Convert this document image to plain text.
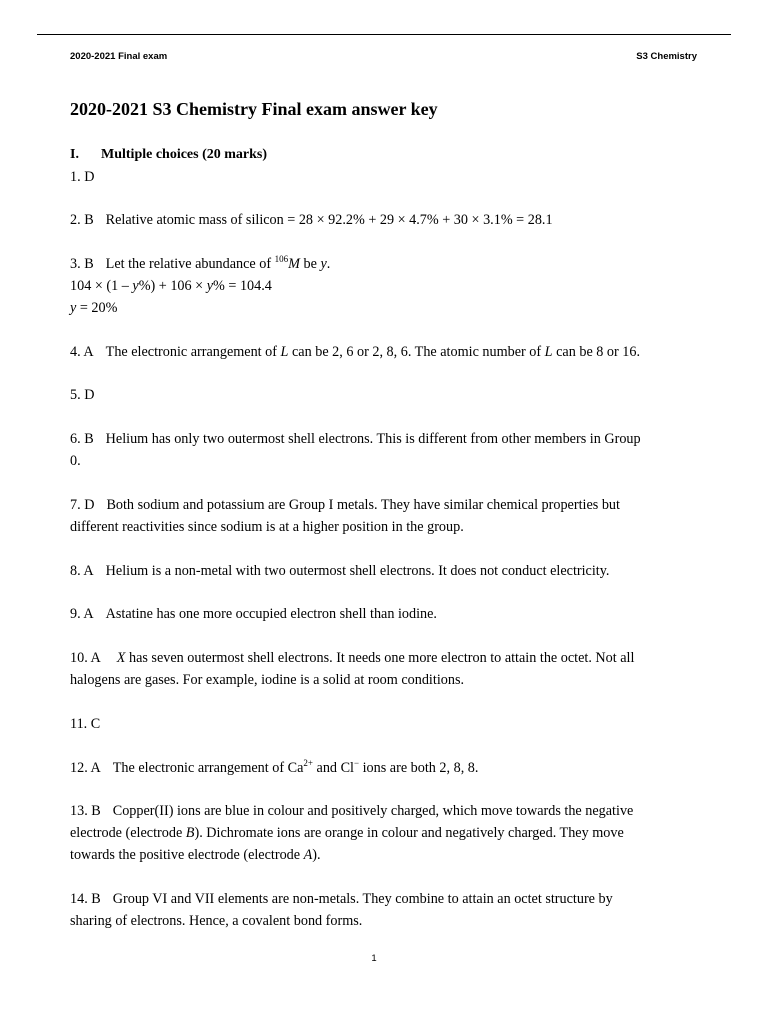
2020-2021 Final exam	S3 Chemistry
2020-2021 S3 Chemistry Final exam answer key
I. Multiple choices (20 marks)
1. D
2. B Relative atomic mass of silicon = 28 × 92.2% + 29 × 4.7% + 30 × 3.1% = 28.1
3. B Let the relative abundance of $^{106}$M be y.
104 × (1 – y%) + 106 × y% = 104.4
y = 20%
4. A The electronic arrangement of L can be 2, 6 or 2, 8, 6. The atomic number of L can be 8 or 16.
5. D
6. B Helium has only two outermost shell electrons. This is different from other members in Group
0.
7. D Both sodium and potassium are Group I metals. They have similar chemical properties but
different reactivities since sodium is at a higher position in the group.
8. A Helium is a non-metal with two outermost shell electrons. It does not conduct electricity.
9. A Astatine has one more occupied electron shell than iodine.
10. A X has seven outermost shell electrons. It needs one more electron to attain the octet. Not all
halogens are gases. For example, iodine is a solid at room conditions.
11. C
12. A The electronic arrangement of $Ca^{2+}$ and Cl− ions are both 2, 8, 8.
13. B Copper(II) ions are blue in colour and positively charged, which move towards the negative
electrode (electrode B). Dichromate ions are orange in colour and negatively charged. They move
towards the positive electrode (electrode A).
14. B Group VI and VII elements are non-metals. They combine to attain an octet structure by
sharing of electrons. Hence, a covalent bond forms.
1
